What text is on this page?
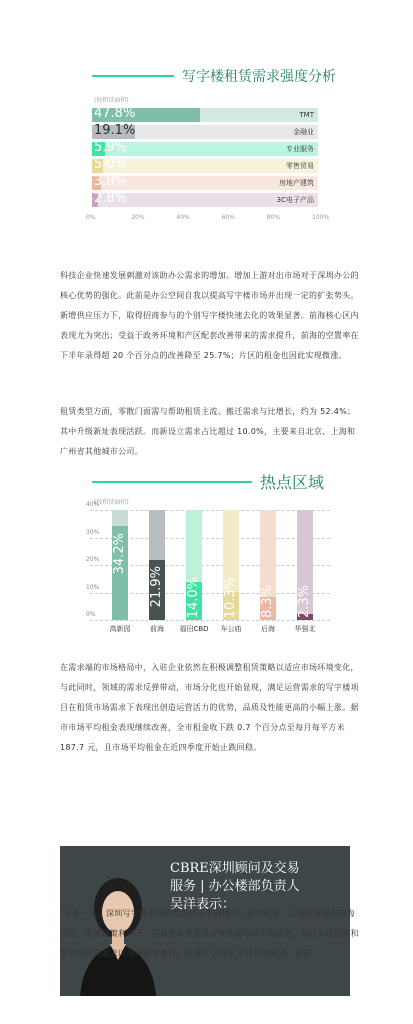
写字楼租赁需求强度分析
(按租赁面积)
47.8%	TMT
19.1%	金融业
5.9%	专业服务
5.0%	零售贸易
3.8%	房地产建筑
2.8%	3C电子产品
0%	20%	40%	60%	80%	100%

科技企业快速发展刺激对该助办公需求的增加。增加上游对出市场对于深圳办公的核心优势的强化。此前是办公空间自我以提高写字楼市场并出现一定的扩张势头。新增供应压力下，取得招商参与的个别写字楼快速去化的效果显著。前海核心区内表现尤为突出；受益于政务环境和产区配套改善带来的需求提升，前海的空置率在下半年录得超 20 个百分点的改善降至 25.7%；片区的租金也因此实现微涨。

租赁类型方面，零散门面需与帮助租赁主流。搬迁需求与比增长，约为 52.4%；其中升级新址表现活跃。而新设立需求占比超过 10.0%，主要来自北京、上海和广州省其他城市公司。

热点区域
(按租赁面积)
0%
10%
20%
30%
40%
34.2%
高新园
21.9%
前海
14.0%
福田CBD
10.3%
车公庙
8.3%
后海
2.3%
华强北

在需求端的市场格局中，入驻企业依然在积极调整租赁策略以适应市场环境变化，与此同时，领域的需求反弹带动，市场分化也开始显现，满足运营需求的写字楼项目在租赁市场需求下表现出创造运营活力的优势，品质及性能更高的小幅上涨。据市市场平均租金表现继续改善，全市租金收下跌 0.7 个百分点至每月每平方米 187.7 元，且市场平均租金在近四季度开始止跌回稳。

CBRE深圳顾问及交易
服务 | 办公楼部负责人
吴洋表示：

“未来一年，深圳写字楼市场依然保持未来新增以上供应体量，且高度聚集在前海片区。多重政策利好下，招商进来者重点力争推动市场平稳前进，预计实现创新和企业运营的需求以保持稳定增长；展望在 2021 年将有所回落，但依
